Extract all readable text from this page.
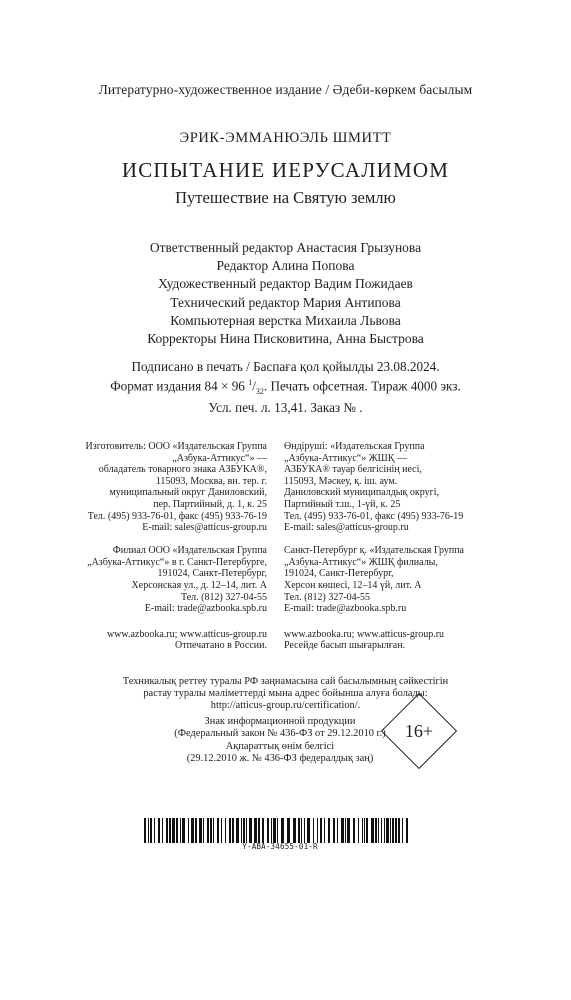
Литературно-художественное издание / Әдеби-көркем басылым
ЭРИК-ЭММАНЮЭЛЬ ШМИТТ
ИСПЫТАНИЕ ИЕРУСАЛИМОМ
Путешествие на Святую землю
Ответственный редактор Анастасия Грызунова
Редактор Алина Попова
Художественный редактор Вадим Пожидаев
Технический редактор Мария Антипова
Компьютерная верстка Михаила Львова
Корректоры Нина Писковитина, Анна Быстрова
Подписано в печать / Баспаға қол қойылды 23.08.2024.
Формат издания 84 × 96 $^1/_{32}$. Печать офсетная. Тираж 4000 экз.
Усл. печ. л. 13,41. Заказ № .
Изготовитель: ООО «Издательская Группа
„Азбука-Аттикус“» —
обладатель товарного знака АЗБУКА®,
115093, Москва, вн. тер. г.
муниципальный округ Даниловский,
пер. Партийный, д. 1, к. 25
Тел. (495) 933-76-01, факс (495) 933-76-19
E-mail: sales@atticus-group.ru
Филиал ООО «Издательская Группа
„Азбука-Аттикус“» в г. Санкт-Петербурге,
191024, Санкт-Петербург,
Херсонская ул., д. 12–14, лит. А
Тел. (812) 327-04-55
E-mail: trade@azbooka.spb.ru
www.azbooka.ru; www.atticus-group.ru
Отпечатано в России.
Өндіруші: «Издательская Группа
„Азбука-Аттикус“» ЖШҚ —
АЗБУКА® тауар белгісінің иесі,
115093, Мәскеу, қ. іш. аум.
Даниловский муниципалдық округі,
Партийный т.ш., 1-үй, к. 25
Тел. (495) 933-76-01, факс (495) 933-76-19
E-mail: sales@atticus-group.ru
Санкт-Петербург қ. «Издательская Группа
„Азбука-Аттикус“» ЖШҚ филиалы,
191024, Санкт-Петербург,
Херсон көшесі, 12–14 үй, лит. А
Тел. (812) 327-04-55
E-mail: trade@azbooka.spb.ru
www.azbooka.ru; www.atticus-group.ru
Ресейде басып шығарылған.
Техникалық реттеу туралы РФ заңнамасына сай басылымның сәйкестігін
растау туралы мәліметтерді мына адрес бойынша алуға болады:
http://atticus-group.ru/certification/.
Знак информационной продукции
(Федеральный закон № 436-ФЗ от 29.12.2010 г.)
Ақпараттық өнім белгісі
(29.12.2010 ж. № 436-ФЗ федералдық заң)
16+
Y-ABA-34655-01-R
